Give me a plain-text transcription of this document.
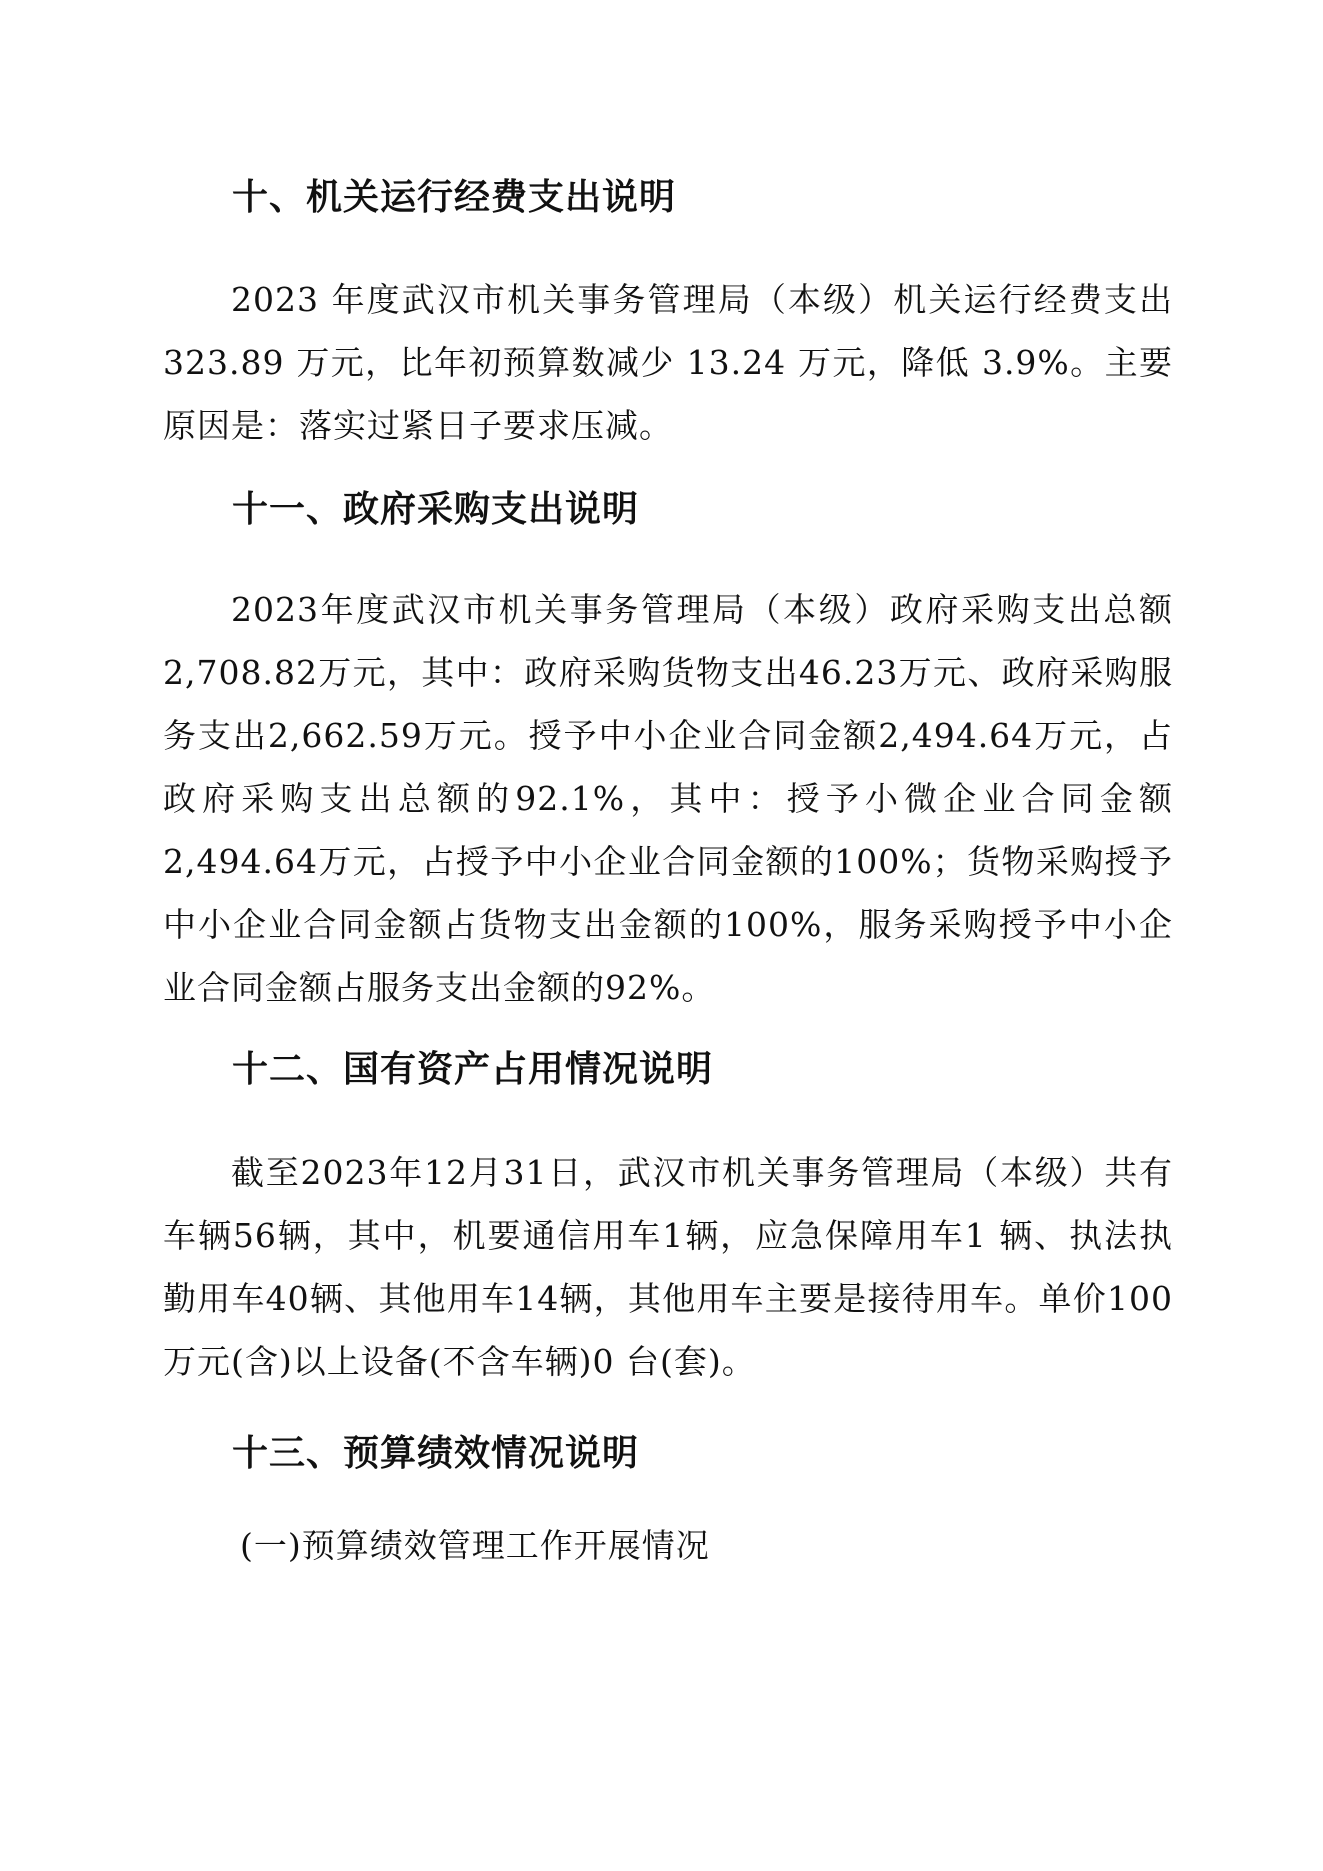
十、机关运行经费支出说明
2023 年度武汉市机关事务管理局（本级）机关运行经费支出323.89 万元，比年初预算数减少 13.24 万元，降低 3.9%。主要原因是：落实过紧日子要求压减。
十一、政府采购支出说明
2023年度武汉市机关事务管理局（本级）政府采购支出总额2,708.82万元，其中：政府采购货物支出46.23万元、政府采购服务支出2,662.59万元。授予中小企业合同金额2,494.64万元，占政府采购支出总额的92.1%，其中：授予小微企业合同金额2,494.64万元，占授予中小企业合同金额的100%；货物采购授予中小企业合同金额占货物支出金额的100%，服务采购授予中小企业合同金额占服务支出金额的92%。
十二、国有资产占用情况说明
截至2023年12月31日，武汉市机关事务管理局（本级）共有车辆56辆，其中，机要通信用车1辆，应急保障用车1 辆、执法执勤用车40辆、其他用车14辆，其他用车主要是接待用车。单价100万元(含)以上设备(不含车辆)0 台(套)。
十三、预算绩效情况说明
(一)预算绩效管理工作开展情况
